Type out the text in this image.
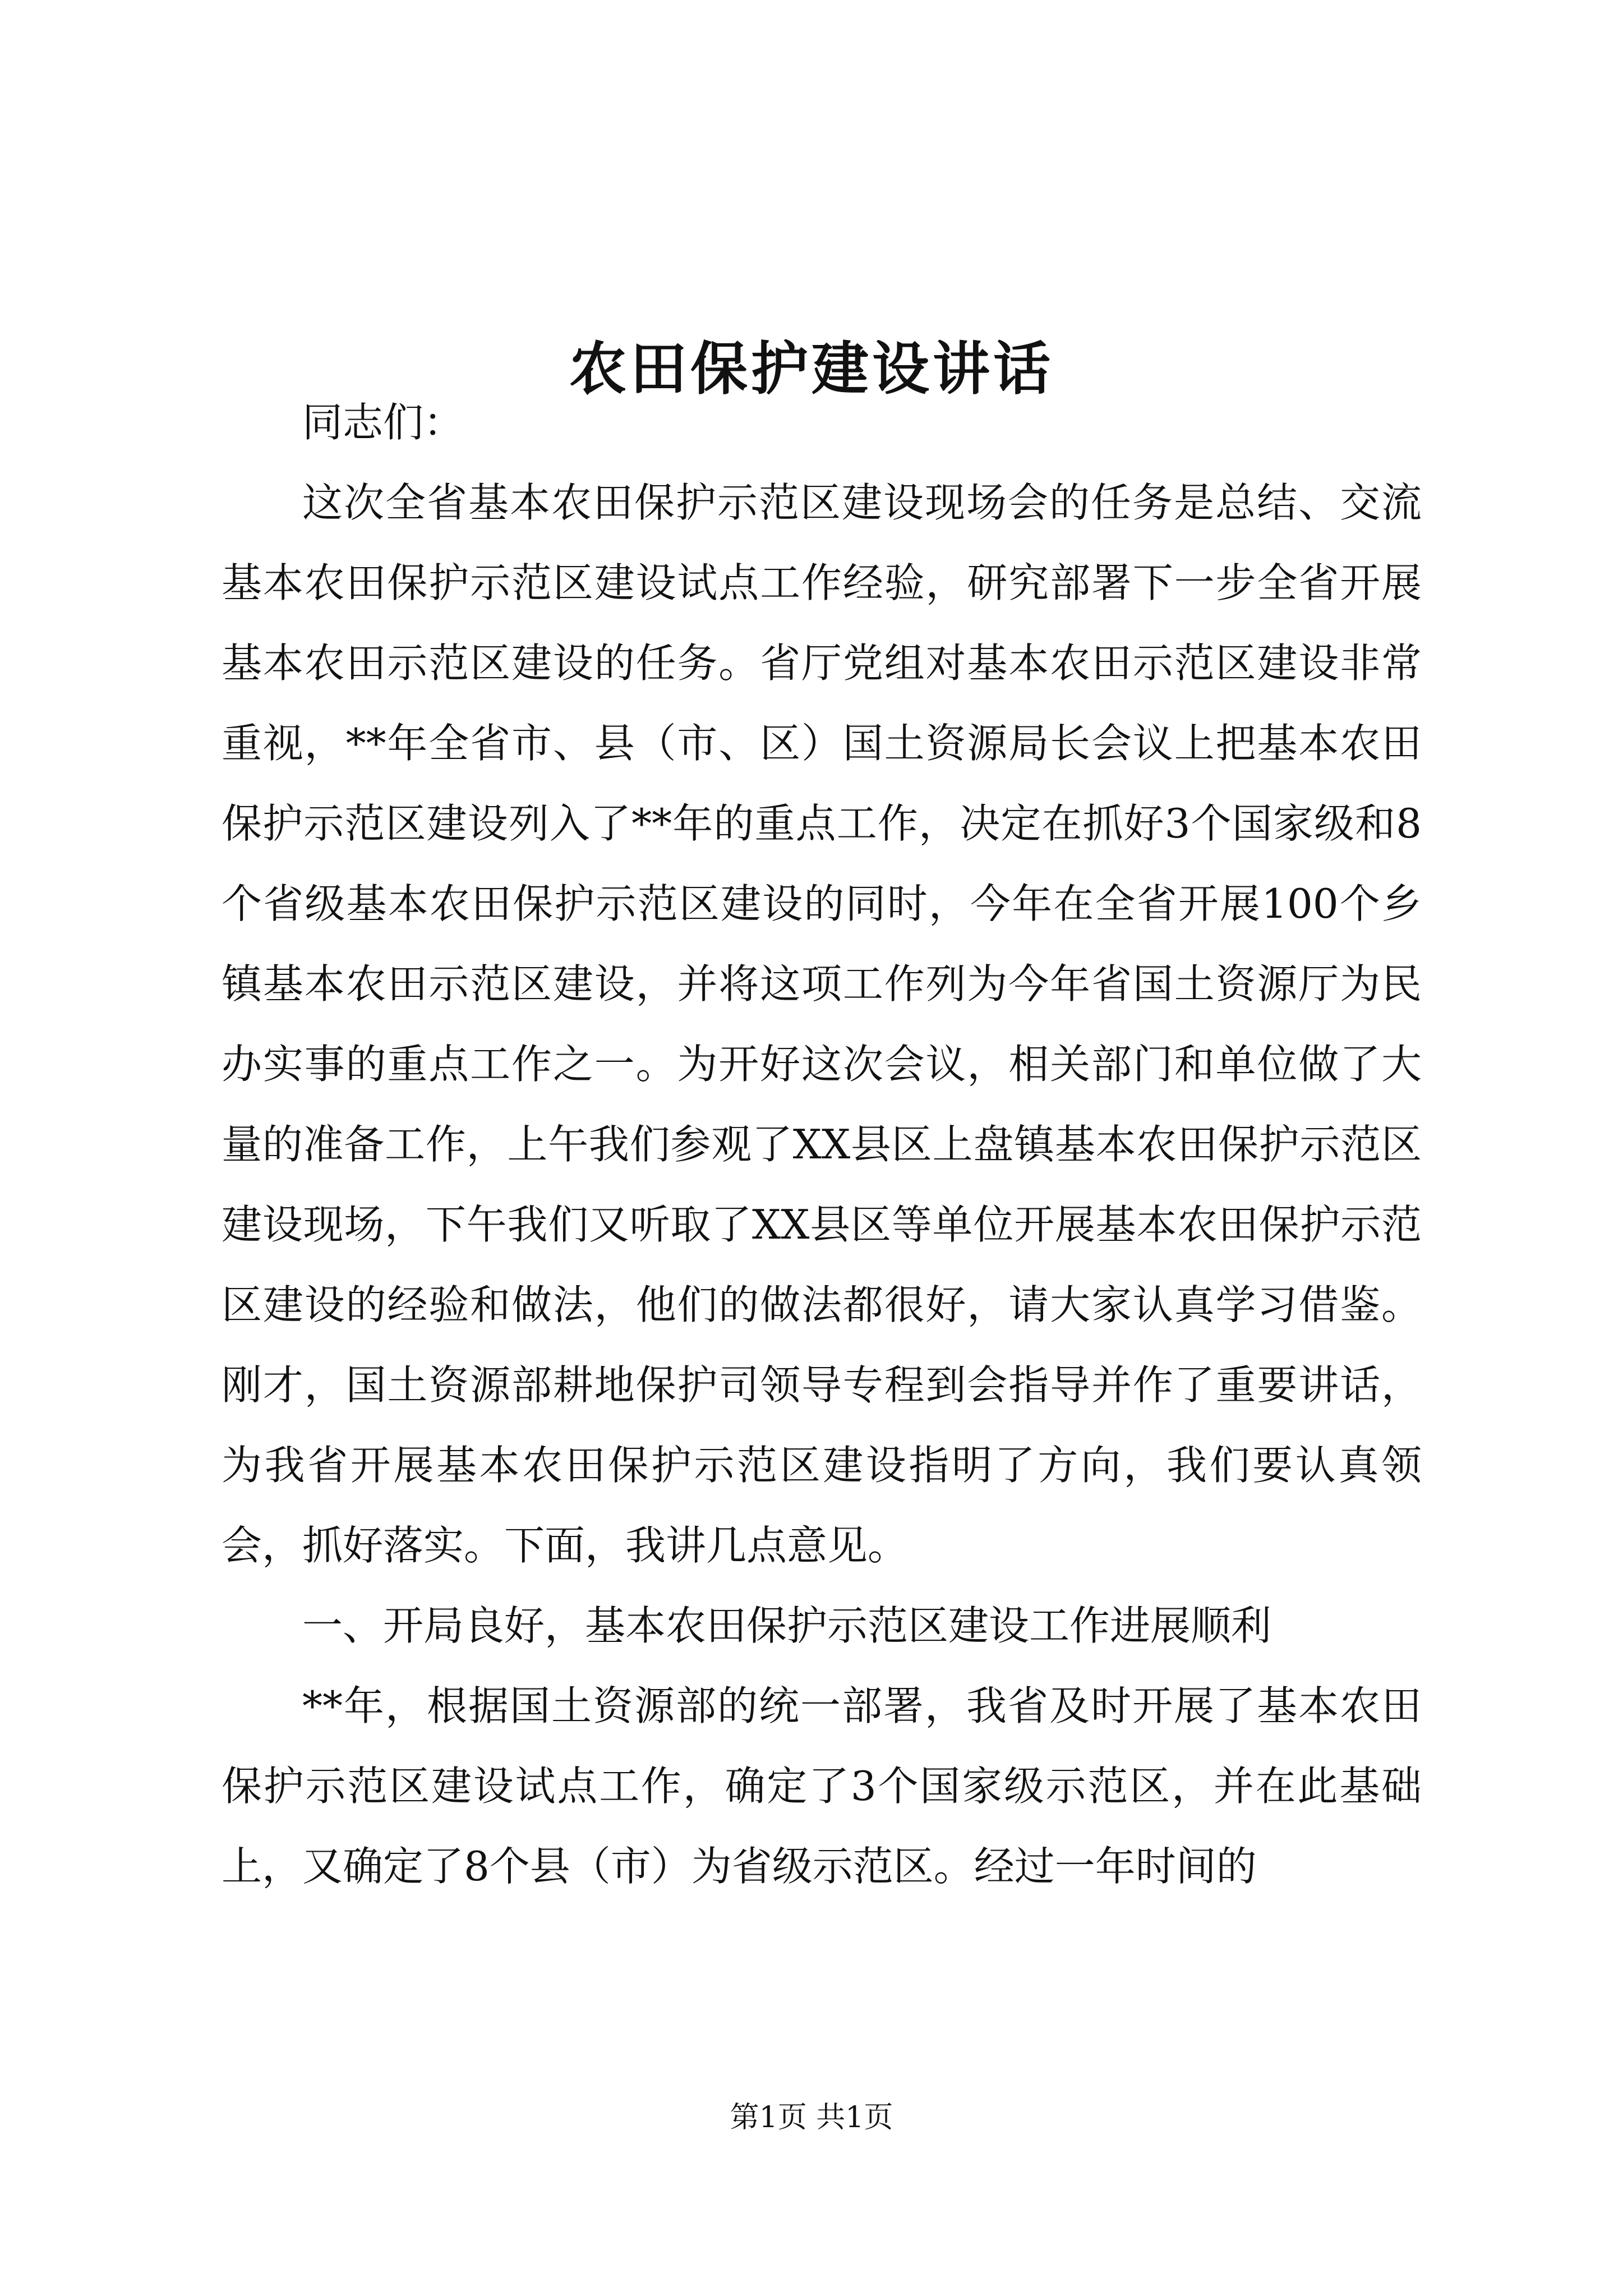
农田保护建设讲话

同志们：

这次全省基本农田保护示范区建设现场会的任务是总结、交流基本农田保护示范区建设试点工作经验，研究部署下一步全省开展基本农田示范区建设的任务。省厅党组对基本农田示范区建设非常重视，**年全省市、县（市、区）国土资源局长会议上把基本农田保护示范区建设列入了**年的重点工作，决定在抓好3个国家级和8个省级基本农田保护示范区建设的同时，今年在全省开展100个乡镇基本农田示范区建设，并将这项工作列为今年省国土资源厅为民办实事的重点工作之一。为开好这次会议，相关部门和单位做了大量的准备工作，上午我们参观了XX县区上盘镇基本农田保护示范区建设现场，下午我们又听取了XX县区等单位开展基本农田保护示范区建设的经验和做法，他们的做法都很好，请大家认真学习借鉴。刚才，国土资源部耕地保护司领导专程到会指导并作了重要讲话，为我省开展基本农田保护示范区建设指明了方向，我们要认真领会，抓好落实。下面，我讲几点意见。

一、开局良好，基本农田保护示范区建设工作进展顺利

**年，根据国土资源部的统一部署，我省及时开展了基本农田保护示范区建设试点工作，确定了3个国家级示范区，并在此基础上，又确定了8个县（市）为省级示范区。经过一年时间的

第1页 共1页
